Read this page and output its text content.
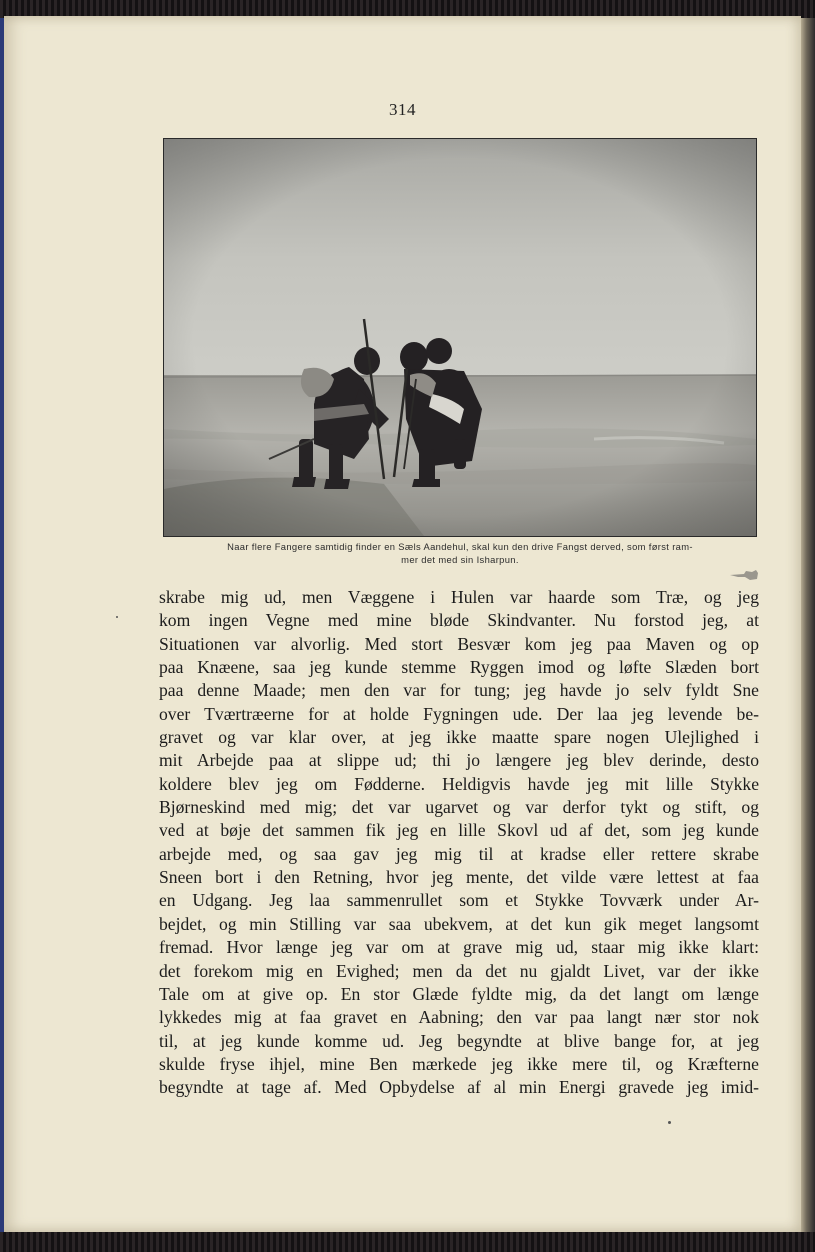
314
Naar flere Fangere samtidig finder en Sæls Aandehul, skal kun den drive Fangst derved, som først ram-
mer det med sin Isharpun.
skrabe mig ud, men Væggene i Hulen var haarde som Træ, og jeg
kom ingen Vegne med mine bløde Skindvanter. Nu forstod jeg, at
Situationen var alvorlig. Med stort Besvær kom jeg paa Maven og op
paa Knæene, saa jeg kunde stemme Ryggen imod og løfte Slæden bort
paa denne Maade; men den var for tung; jeg havde jo selv fyldt Sne
over Tværtræerne for at holde Fygningen ude. Der laa jeg levende be-
gravet og var klar over, at jeg ikke maatte spare nogen Ulejlighed i
mit Arbejde paa at slippe ud; thi jo længere jeg blev derinde, desto
koldere blev jeg om Fødderne. Heldigvis havde jeg mit lille Stykke
Bjørneskind med mig; det var ugarvet og var derfor tykt og stift, og
ved at bøje det sammen fik jeg en lille Skovl ud af det, som jeg kunde
arbejde med, og saa gav jeg mig til at kradse eller rettere skrabe
Sneen bort i den Retning, hvor jeg mente, det vilde være lettest at faa
en Udgang. Jeg laa sammenrullet som et Stykke Tovværk under Ar-
bejdet, og min Stilling var saa ubekvem, at det kun gik meget langsomt
fremad. Hvor længe jeg var om at grave mig ud, staar mig ikke klart:
det forekom mig en Evighed; men da det nu gjaldt Livet, var der ikke
Tale om at give op. En stor Glæde fyldte mig, da det langt om længe
lykkedes mig at faa gravet en Aabning; den var paa langt nær stor nok
til, at jeg kunde komme ud. Jeg begyndte at blive bange for, at jeg
skulde fryse ihjel, mine Ben mærkede jeg ikke mere til, og Kræfterne
begyndte at tage af. Med Opbydelse af al min Energi gravede jeg imid-
